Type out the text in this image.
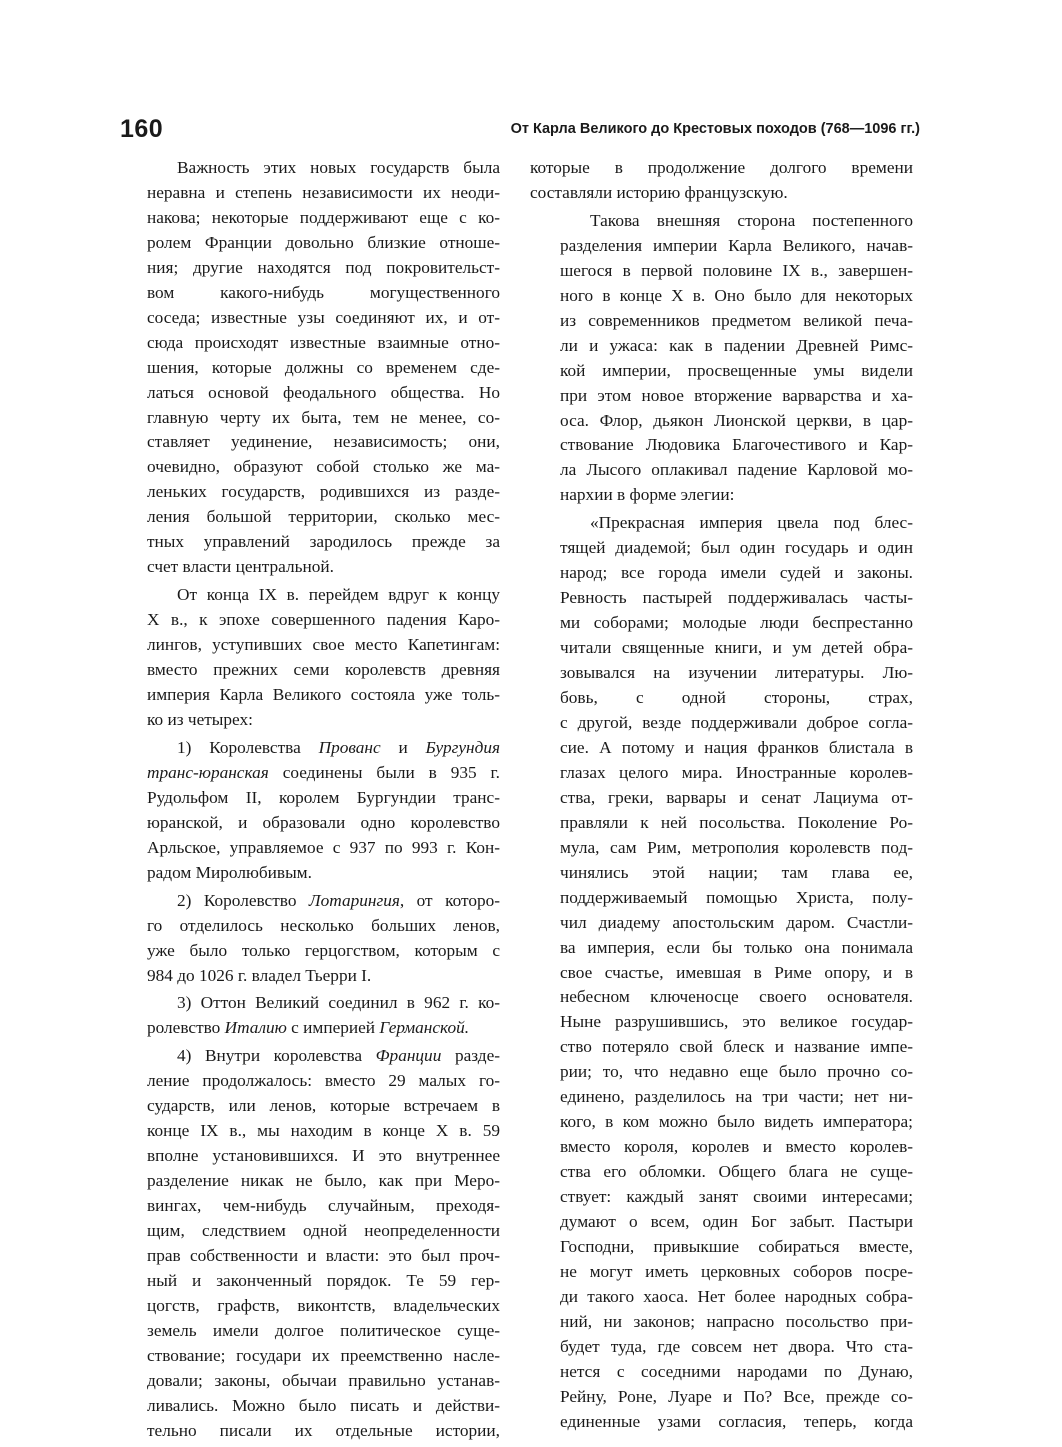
160	От Карла Великого до Крестовых походов (768—1096 гг.)

Важность этих новых государств была
неравна и степень независимости их неоди-
накова; некоторые поддерживают еще с ко-
ролем Франции довольно близкие отноше-
ния; другие находятся под покровительст-
вом какого-нибудь могущественного
соседа; известные узы соединяют их, и от-
сюда происходят известные взаимные отно-
шения, которые должны со временем сде-
латься основой феодального общества. Но
главную черту их быта, тем не менее, со-
ставляет уединение, независимость; они,
очевидно, образуют собой столько же ма-
леньких государств, родившихся из разде-
ления большой территории, сколько мес-
тных управлений зародилось прежде за
счет власти центральной.

От конца IX в. перейдем вдруг к концу
X в., к эпохе совершенного падения Каро-
лингов, уступивших свое место Капетингам:
вместо прежних семи королевств древняя
империя Карла Великого состояла уже толь-
ко из четырех:

1) Королевства Прованс и Бургундия
транс-юранская соединены были в 935 г.
Рудольфом II, королем Бургундии транс-
юранской, и образовали одно королевство
Арльское, управляемое с 937 по 993 г. Кон-
радом Миролюбивым.

2) Королевство Лотарингия, от которо-
го отделилось несколько больших ленов,
уже было только герцогством, которым с
984 до 1026 г. владел Тьерри I.

3) Оттон Великий соединил в 962 г. ко-
ролевство Италию с империей Германской.

4) Внутри королевства Франции разде-
ление продолжалось: вместо 29 малых го-
сударств, или ленов, которые встречаем в
конце IX в., мы находим в конце X в. 59
вполне установившихся. И это внутреннее
разделение никак не было, как при Меро-
вингах, чем-нибудь случайным, преходя-
щим, следствием одной неопределенности
прав собственности и власти: это был проч-
ный и законченный порядок. Те 59 гер-
цогств, графств, виконтств, владельческих
земель имели долгое политическое суще-
ствование; государи их преемственно насле-
довали; законы, обычаи правильно устанав-
ливались. Можно было писать и действи-
тельно писали их отдельные истории,

которые в продолжение долгого времени
составляли историю французскую.

Такова внешняя сторона постепенного
разделения империи Карла Великого, начав-
шегося в первой половине IX в., завершен-
ного в конце X в. Оно было для некоторых
из современников предметом великой печа-
ли и ужаса: как в падении Древней Римс-
кой империи, просвещенные умы видели
при этом новое вторжение варварства и ха-
оса. Флор, дьякон Лионской церкви, в цар-
ствование Людовика Благочестивого и Кар-
ла Лысого оплакивал падение Карловой мо-
нархии в форме элегии:

«Прекрасная империя цвела под блес-
тящей диадемой; был один государь и один
народ; все города имели судей и законы.
Ревность пастырей поддерживалась часты-
ми соборами; молодые люди беспрестанно
читали священные книги, и ум детей обра-
зовывался на изучении литературы. Лю-
бовь, с одной стороны, страх,
с другой, везде поддерживали доброе согла-
сие. А потому и нация франков блистала в
глазах целого мира. Иностранные королев-
ства, греки, варвары и сенат Лациума от-
правляли к ней посольства. Поколение Ро-
мула, сам Рим, метрополия королевств под-
чинялись этой нации; там глава ее,
поддерживаемый помощью Христа, полу-
чил диадему апостольским даром. Счастли-
ва империя, если бы только она понимала
свое счастье, имевшая в Риме опору, и в
небесном ключеносце своего основателя.
Ныне разрушившись, это великое государ-
ство потеряло свой блеск и название импе-
рии; то, что недавно еще было прочно со-
единено, разделилось на три части; нет ни-
кого, в ком можно было видеть императора;
вместо короля, королев и вместо королев-
ства его обломки. Общего блага не суще-
ствует: каждый занят своими интересами;
думают о всем, один Бог забыт. Пастыри
Господни, привыкшие собираться вместе,
не могут иметь церковных соборов посре-
ди такого хаоса. Нет более народных собра-
ний, ни законов; напрасно посольство при-
будет туда, где совсем нет двора. Что ста-
нется с соседними народами по Дунаю,
Рейну, Роне, Луаре и По? Все, прежде со-
единенные узами согласия, теперь, когда
